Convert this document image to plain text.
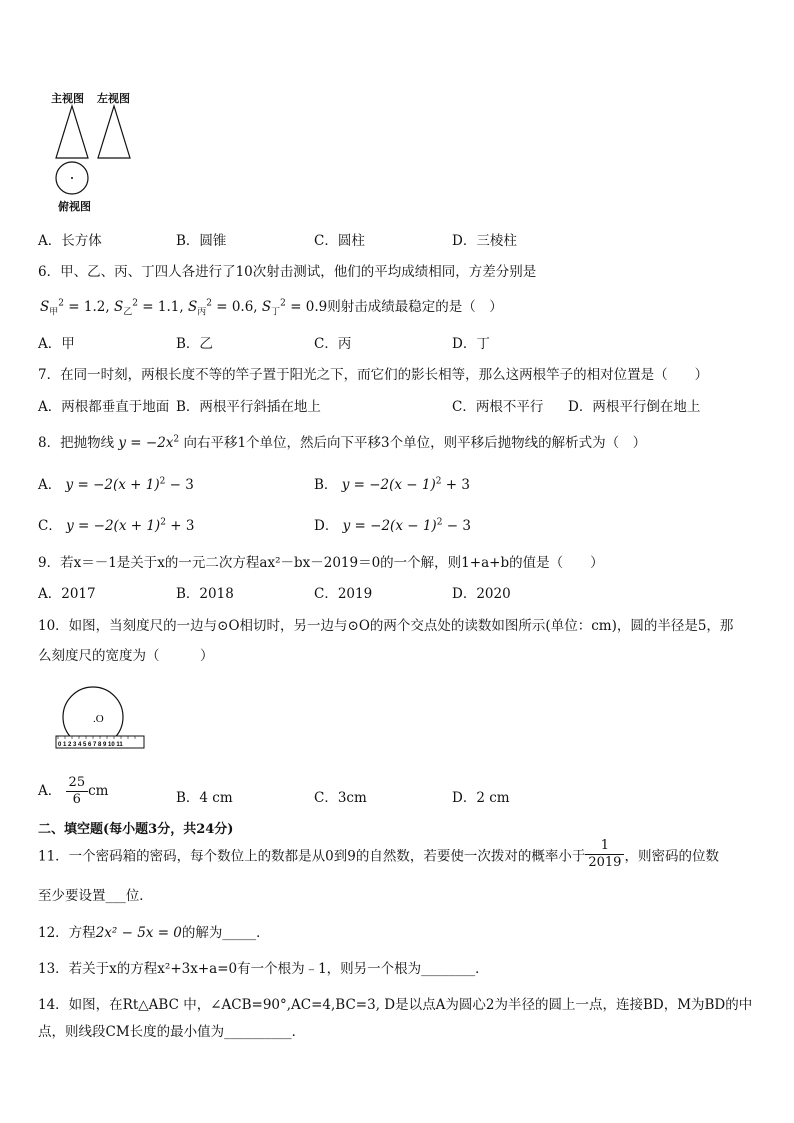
主视图 左视图
俯视图
A．长方体	B．圆锥	C．圆柱	D．三棱柱
6．甲、乙、丙、丁四人各进行了10次射击测试，他们的平均成绩相同，方差分别是
$S_甲^2 = 1.2$, $S_乙^2 = 1.1$, $S_丙^2 = 0.6$, $S_丁^2 = 0.9$则射击成绩最稳定的是（　）
A．甲	B．乙	C．丙	D．丁
7．在同一时刻，两根长度不等的竿子置于阳光之下，而它们的影长相等，那么这两根竿子的相对位置是（　　）
A．两根都垂直于地面 B．两根平行斜插在地上	C．两根不平行 D．两根平行倒在地上
8．把抛物线 $y = -2x^2$ 向右平移1个单位，然后向下平移3个单位，则平移后抛物线的解析式为（　）
A． $y = -2(x + 1)^2 - 3$	B． $y = -2(x - 1)^2 + 3$
C． $y = -2(x + 1)^2 + 3$	D． $y = -2(x - 1)^2 - 3$
9．若x＝－1是关于x的一元二次方程ax²－bx－2019＝0的一个解，则1+a+b的值是（　　）
A．2017	B．2018	C．2019	D．2020
10．如图，当刻度尺的一边与⊙O相切时，另一边与⊙O的两个交点处的读数如图所示(单位：cm)，圆的半径是5，那
么刻度尺的宽度为（　　　）
.O
0 1 2 3 4 5 6 7 8 9 10 11
A． $\frac{25}{6}$ cm	B．4 cm	C．3cm	D．2 cm
二、填空题(每小题3分，共24分)
11．一个密码箱的密码，每个数位上的数都是从0到9的自然数，若要使一次拨对的概率小于 $\frac{1}{2019}$ ，则密码的位数
至少要设置___位．
12．方程2x² − 5x = 0的解为_____．
13．若关于x的方程x²+3x+a=0有一个根为﹣1，则另一个根为________．
14．如图，在Rt△ABC 中，∠ACB=90°,AC=4,BC=3, D是以点A为圆心2为半径的圆上一点，连接BD，M为BD的中
点，则线段CM长度的最小值为__________．
